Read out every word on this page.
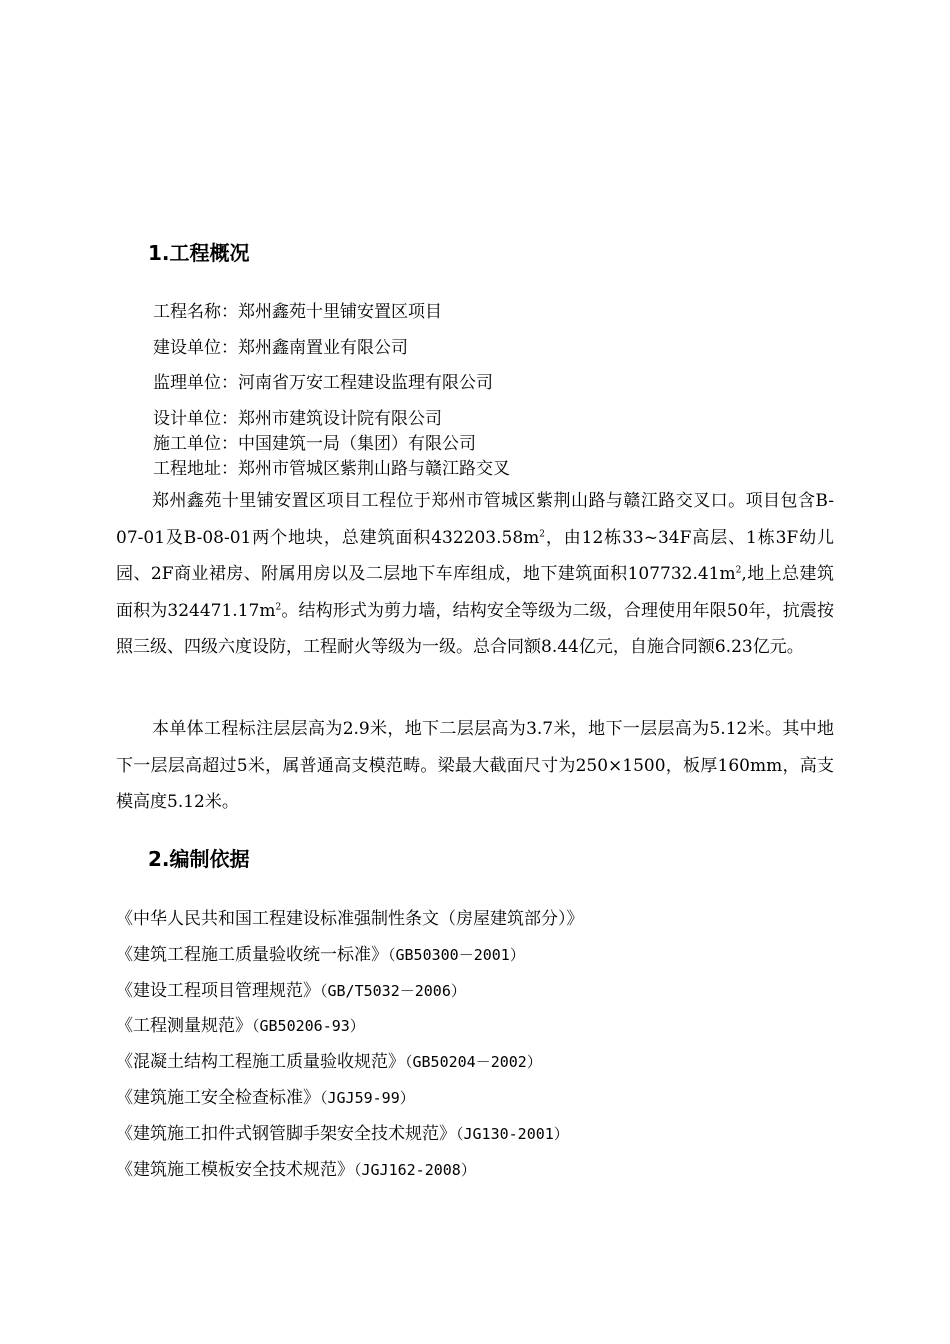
1.工程概况

工程名称：郑州鑫苑十里铺安置区项目

建设单位：郑州鑫南置业有限公司

监理单位：河南省万安工程建设监理有限公司

设计单位：郑州市建筑设计院有限公司

施工单位：中国建筑一局（集团）有限公司

工程地址：郑州市管城区紫荆山路与赣江路交叉

郑州鑫苑十里铺安置区项目工程位于郑州市管城区紫荆山路与赣江路交叉口。项目包含B-07-01及B-08-01两个地块，总建筑面积$432203.58m^2$，由12栋33~34F高层、1栋3F幼儿园、2F商业裙房、附属用房以及二层地下车库组成，地下建筑面积$107732.41m^2$,地上总建筑面积为$324471.17m^2$。结构形式为剪力墙，结构安全等级为二级，合理使用年限50年，抗震按照三级、四级六度设防，工程耐火等级为一级。总合同额8.44亿元，自施合同额6.23亿元。

本单体工程标注层层高为2.9米，地下二层层高为3.7米，地下一层层高为5.12米。其中地下一层层高超过5米，属普通高支模范畴。梁最大截面尺寸为250×1500，板厚160mm，高支模高度5.12米。

2.编制依据
《中华人民共和国工程建设标准强制性条文（房屋建筑部分）》
《建筑工程施工质量验收统一标准》（GB50300－2001）
《建设工程项目管理规范》（GB/T5032－2006）
《工程测量规范》（GB50206-93）
《混凝土结构工程施工质量验收规范》（GB50204－2002）
《建筑施工安全检查标准》（JGJ59-99）
《建筑施工扣件式钢管脚手架安全技术规范》（JG130-2001）
《建筑施工模板安全技术规范》（JGJ162-2008）
